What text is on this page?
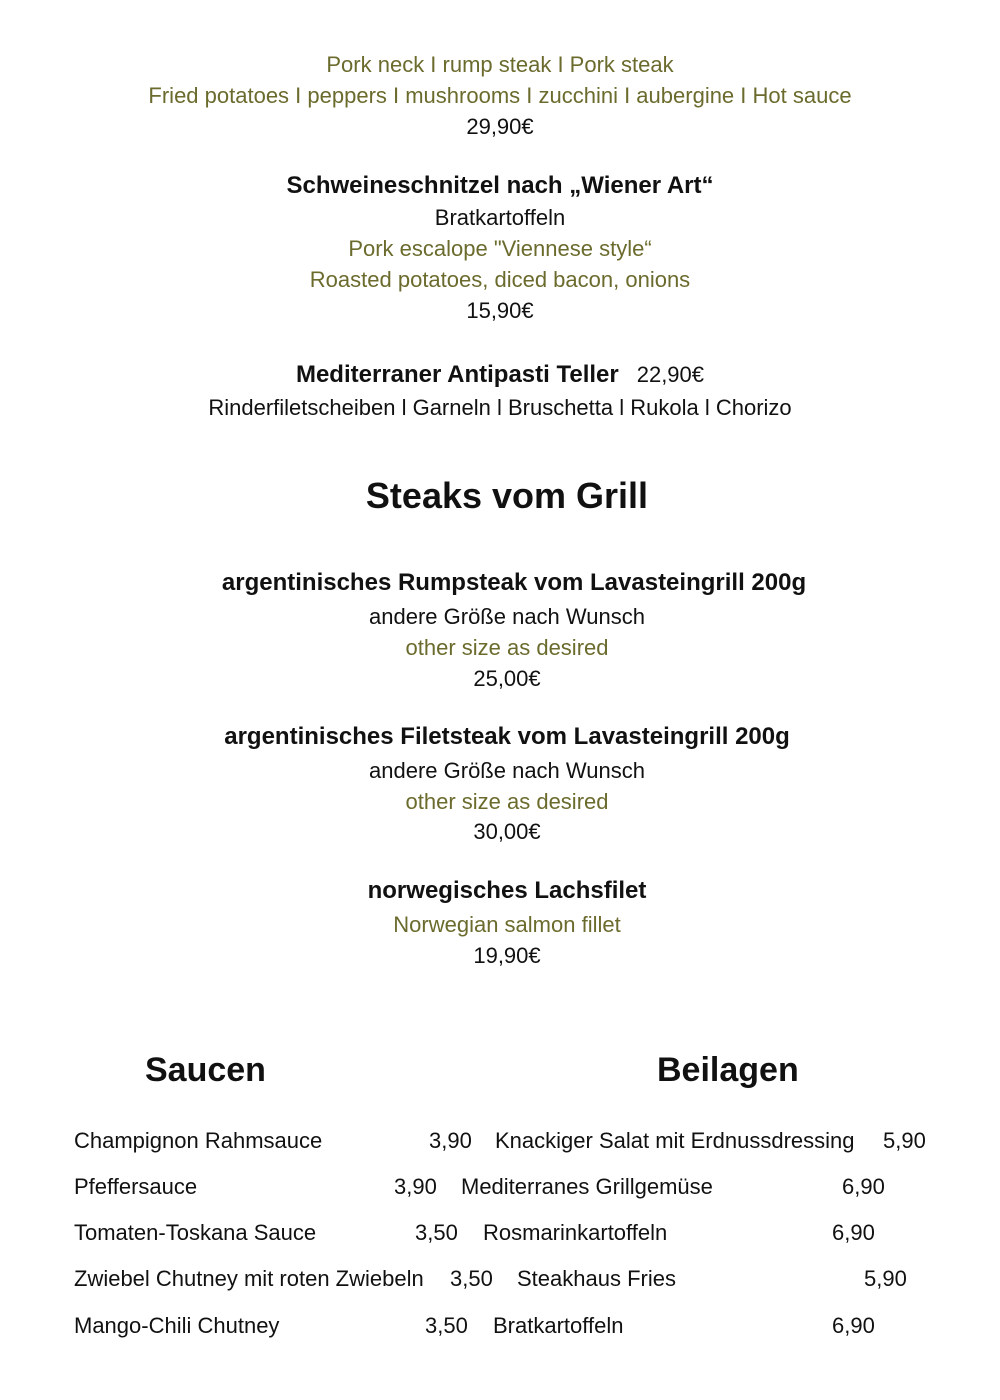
Pork neck I rump steak I Pork steak
Fried potatoes I peppers I mushrooms I zucchini I aubergine I Hot sauce
29,90€
Schweineschnitzel nach „Wiener Art“
Bratkartoffeln
Pork escalope "Viennese style“
Roasted potatoes, diced bacon, onions
15,90€
Mediterraner Antipasti Teller 22,90€
Rinderfiletscheiben l Garneln l Bruschetta l Rukola l Chorizo
Steaks vom Grill
argentinisches Rumpsteak vom Lavasteingrill 200g
andere Größe nach Wunsch
other size as desired
25,00€
argentinisches Filetsteak vom Lavasteingrill 200g
andere Größe nach Wunsch
other size as desired
30,00€
norwegisches Lachsfilet
Norwegian salmon fillet
19,90€
Saucen	Beilagen
Champignon Rahmsauce	3,90 Knackiger Salat mit Erdnussdressing 5,90
Pfeffersauce	3,90 Mediterranes Grillgemüse	6,90
Tomaten-Toskana Sauce	3,50 Rosmarinkartoffeln	6,90
Zwiebel Chutney mit roten Zwiebeln 3,50 Steakhaus Fries	5,90
Mango-Chili Chutney	3,50 Bratkartoffeln	6,90
